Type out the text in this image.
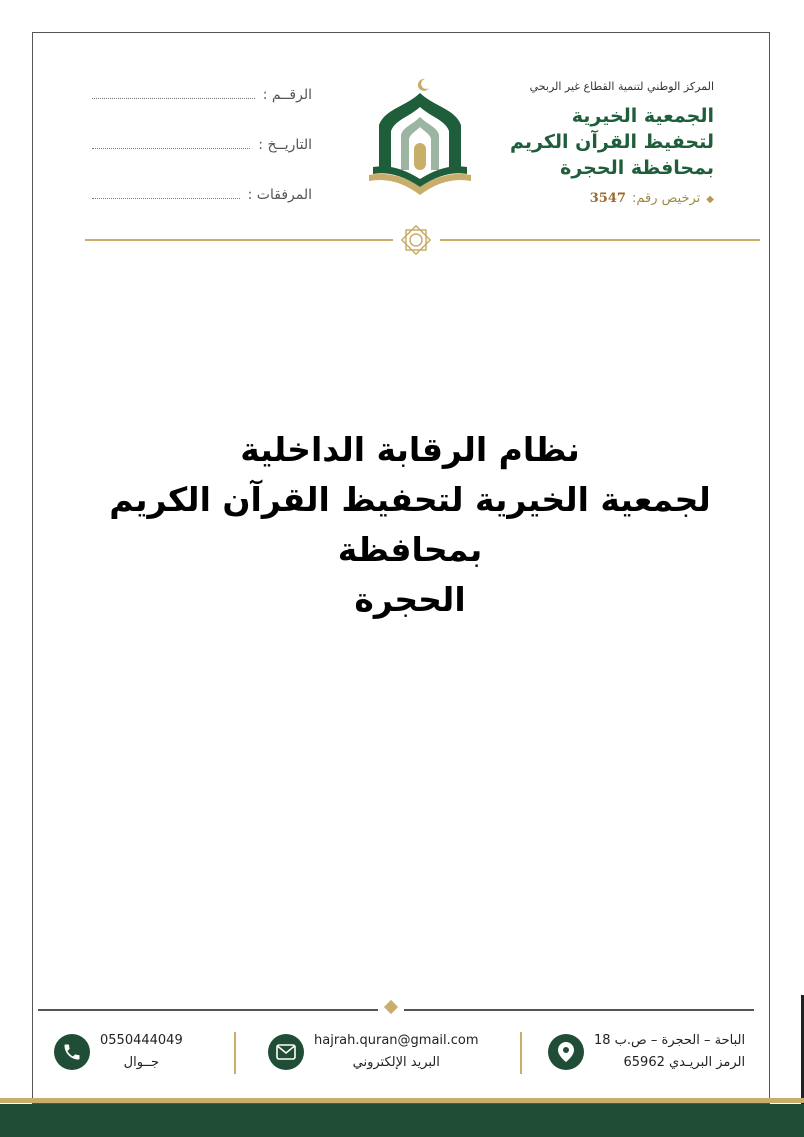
المركز الوطني لتنمية القطاع غير الربحي
الجمعية الخيرية
لتحفيظ القرآن الكريم
بمحافظة الحجرة
◆ترخيص رقم:3547
الرقــم :
التاريــخ :
المرفقات :
نظام الرقابة الداخلية
لجمعية الخيرية لتحفيظ القرآن الكريم بمحافظة
الحجرة
0550444049
جــوال
hajrah.quran@gmail.com
البريد الإلكتروني
الباحة – الحجرة – ص.ب 18
الرمز البريـدي 65962
